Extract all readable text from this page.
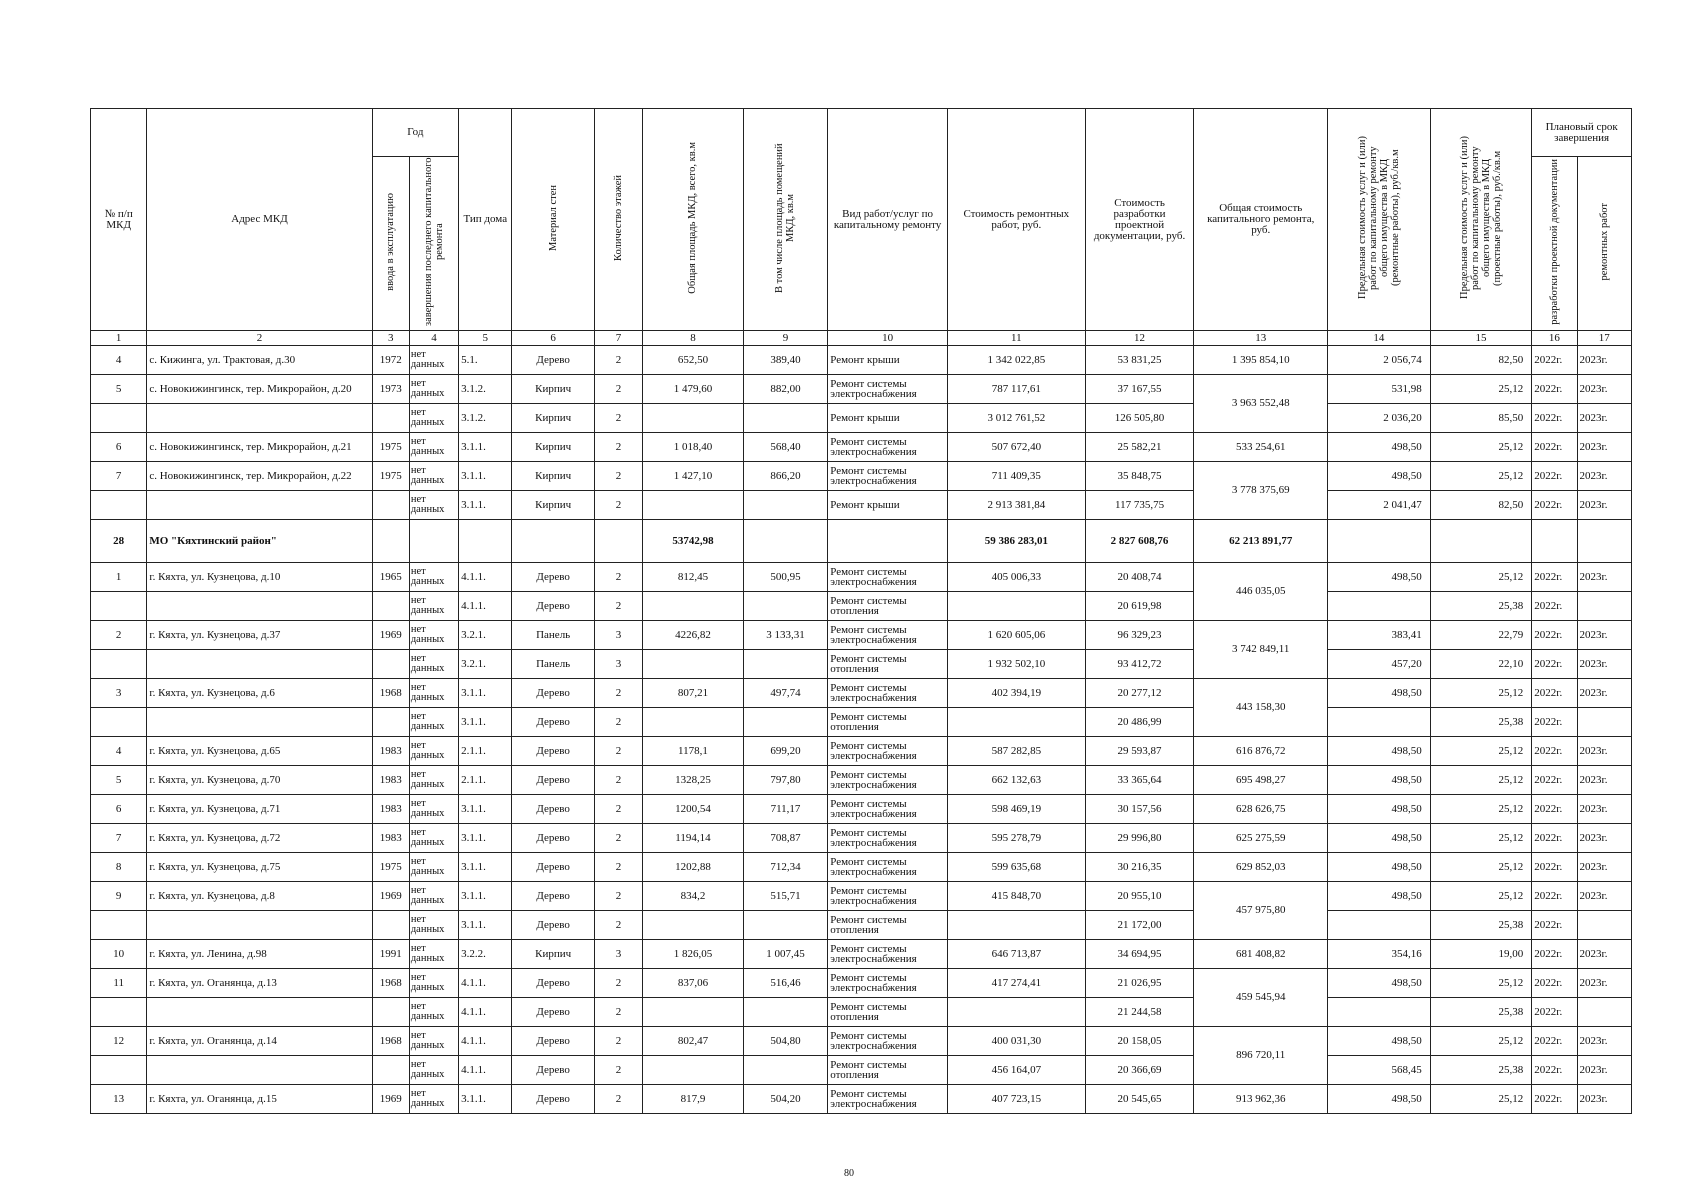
№ п/п МКД	Адрес МКД	Год		Тип дома	Материал стен	Количество этажей	Общая площадь МКД, всего, кв.м	В том числе площадь помещений МКД, кв.м	Вид работ/услуг по капитальному ремонту	Стоимость ремонтных работ, руб.	Стоимость разработки проектной документации, руб.	Общая стоимость капитального ремонта, руб.	Предельная стоимость услуг и (или) работ по капитальному ремонту общего имущества в МКД (ремонтные работы), руб./кв.м	Предельная стоимость услуг и (или) работ по капитальному ремонту общего имущества в МКД (проектные работы), руб./кв.м	Плановый срок завершения	
		ввода в эксплуатацию	завершения последнего капитального ремонта												разработки проектной документации	ремонтных работ
1	2	3	4	5	6	7	8	9	10	11	12	13	14	15	16	17
4	с. Кижинга, ул. Трактовая, д.30	1972	нет данных	5.1.	Дерево	2	652,50	389,40	Ремонт крыши	1 342 022,85	53 831,25	1 395 854,10	2 056,74	82,50	2022г.	2023г.
5	с. Новокижингинск, тер. Микрорайон, д.20	1973	нет данных	3.1.2.	Кирпич	2	1 479,60	882,00	Ремонт системы электроснабжения	787 117,61	37 167,55	3 963 552,48	531,98	25,12	2022г.	2023г.
			нет данных	3.1.2.	Кирпич	2			Ремонт крыши	3 012 761,52	126 505,80		2 036,20	85,50	2022г.	2023г.
6	с. Новокижингинск, тер. Микрорайон, д.21	1975	нет данных	3.1.1.	Кирпич	2	1 018,40	568,40	Ремонт системы электроснабжения	507 672,40	25 582,21	533 254,61	498,50	25,12	2022г.	2023г.
7	с. Новокижингинск, тер. Микрорайон, д.22	1975	нет данных	3.1.1.	Кирпич	2	1 427,10	866,20	Ремонт системы электроснабжения	711 409,35	35 848,75	3 778 375,69	498,50	25,12	2022г.	2023г.
			нет данных	3.1.1.	Кирпич	2			Ремонт крыши	2 913 381,84	117 735,75		2 041,47	82,50	2022г.	2023г.
28	МО "Кяхтинский район"						53742,98			59 386 283,01	2 827 608,76	62 213 891,77				
1	г. Кяхта, ул. Кузнецова, д.10	1965	нет данных	4.1.1.	Дерево	2	812,45	500,95	Ремонт системы электроснабжения	405 006,33	20 408,74	446 035,05	498,50	25,12	2022г.	2023г.
			нет данных	4.1.1.	Дерево	2			Ремонт системы отопления		20 619,98			25,38	2022г.	
2	г. Кяхта, ул. Кузнецова, д.37	1969	нет данных	3.2.1.	Панель	3	4226,82	3 133,31	Ремонт системы электроснабжения	1 620 605,06	96 329,23	3 742 849,11	383,41	22,79	2022г.	2023г.
			нет данных	3.2.1.	Панель	3			Ремонт системы отопления	1 932 502,10	93 412,72		457,20	22,10	2022г.	2023г.
3	г. Кяхта, ул. Кузнецова, д.6	1968	нет данных	3.1.1.	Дерево	2	807,21	497,74	Ремонт системы электроснабжения	402 394,19	20 277,12	443 158,30	498,50	25,12	2022г.	2023г.
			нет данных	3.1.1.	Дерево	2			Ремонт системы отопления		20 486,99			25,38	2022г.	
4	г. Кяхта, ул. Кузнецова, д.65	1983	нет данных	2.1.1.	Дерево	2	1178,1	699,20	Ремонт системы электроснабжения	587 282,85	29 593,87	616 876,72	498,50	25,12	2022г.	2023г.
5	г. Кяхта, ул. Кузнецова, д.70	1983	нет данных	2.1.1.	Дерево	2	1328,25	797,80	Ремонт системы электроснабжения	662 132,63	33 365,64	695 498,27	498,50	25,12	2022г.	2023г.
6	г. Кяхта, ул. Кузнецова, д.71	1983	нет данных	3.1.1.	Дерево	2	1200,54	711,17	Ремонт системы электроснабжения	598 469,19	30 157,56	628 626,75	498,50	25,12	2022г.	2023г.
7	г. Кяхта, ул. Кузнецова, д.72	1983	нет данных	3.1.1.	Дерево	2	1194,14	708,87	Ремонт системы электроснабжения	595 278,79	29 996,80	625 275,59	498,50	25,12	2022г.	2023г.
8	г. Кяхта, ул. Кузнецова, д.75	1975	нет данных	3.1.1.	Дерево	2	1202,88	712,34	Ремонт системы электроснабжения	599 635,68	30 216,35	629 852,03	498,50	25,12	2022г.	2023г.
9	г. Кяхта, ул. Кузнецова, д.8	1969	нет данных	3.1.1.	Дерево	2	834,2	515,71	Ремонт системы электроснабжения	415 848,70	20 955,10	457 975,80	498,50	25,12	2022г.	2023г.
			нет данных	3.1.1.	Дерево	2			Ремонт системы отопления		21 172,00			25,38	2022г.	
10	г. Кяхта, ул. Ленина, д.98	1991	нет данных	3.2.2.	Кирпич	3	1 826,05	1 007,45	Ремонт системы электроснабжения	646 713,87	34 694,95	681 408,82	354,16	19,00	2022г.	2023г.
11	г. Кяхта, ул. Оганянца, д.13	1968	нет данных	4.1.1.	Дерево	2	837,06	516,46	Ремонт системы электроснабжения	417 274,41	21 026,95	459 545,94	498,50	25,12	2022г.	2023г.
			нет данных	4.1.1.	Дерево	2			Ремонт системы отопления		21 244,58			25,38	2022г.	
12	г. Кяхта, ул. Оганянца, д.14	1968	нет данных	4.1.1.	Дерево	2	802,47	504,80	Ремонт системы электроснабжения	400 031,30	20 158,05	896 720,11	498,50	25,12	2022г.	2023г.
			нет данных	4.1.1.	Дерево	2			Ремонт системы отопления	456 164,07	20 366,69		568,45	25,38	2022г.	2023г.
13	г. Кяхта, ул. Оганянца, д.15	1969	нет данных	3.1.1.	Дерево	2	817,9	504,20	Ремонт системы электроснабжения	407 723,15	20 545,65	913 962,36	498,50	25,12	2022г.	2023г.
80
